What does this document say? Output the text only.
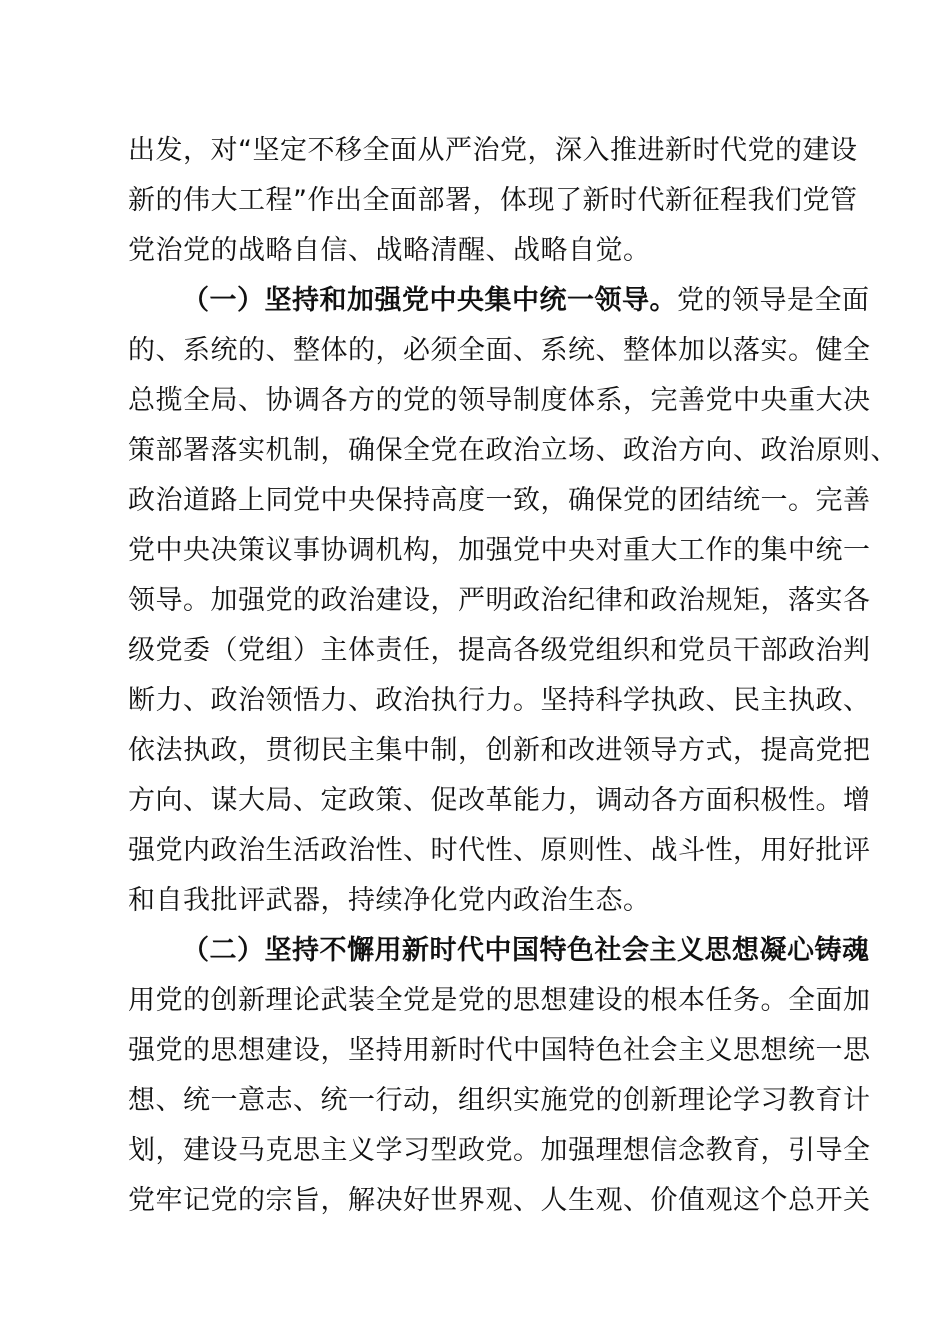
出发，对“坚定不移全面从严治党，深入推进新时代党的建设
新的伟大工程”作出全面部署，体现了新时代新征程我们党管
党治党的战略自信、战略清醒、战略自觉。
（一）坚持和加强党中央集中统一领导。党的领导是全面
的、系统的、整体的，必须全面、系统、整体加以落实。健全
总揽全局、协调各方的党的领导制度体系，完善党中央重大决
策部署落实机制，确保全党在政治立场、政治方向、政治原则、
政治道路上同党中央保持高度一致，确保党的团结统一。完善
党中央决策议事协调机构，加强党中央对重大工作的集中统一
领导。加强党的政治建设，严明政治纪律和政治规矩，落实各
级党委（党组）主体责任，提高各级党组织和党员干部政治判
断力、政治领悟力、政治执行力。坚持科学执政、民主执政、
依法执政，贯彻民主集中制，创新和改进领导方式，提高党把
方向、谋大局、定政策、促改革能力，调动各方面积极性。增
强党内政治生活政治性、时代性、原则性、战斗性，用好批评
和自我批评武器，持续净化党内政治生态。
（二）坚持不懈用新时代中国特色社会主义思想凝心铸魂
用党的创新理论武装全党是党的思想建设的根本任务。全面加
强党的思想建设，坚持用新时代中国特色社会主义思想统一思
想、统一意志、统一行动，组织实施党的创新理论学习教育计
划，建设马克思主义学习型政党。加强理想信念教育，引导全
党牢记党的宗旨，解决好世界观、人生观、价值观这个总开关
